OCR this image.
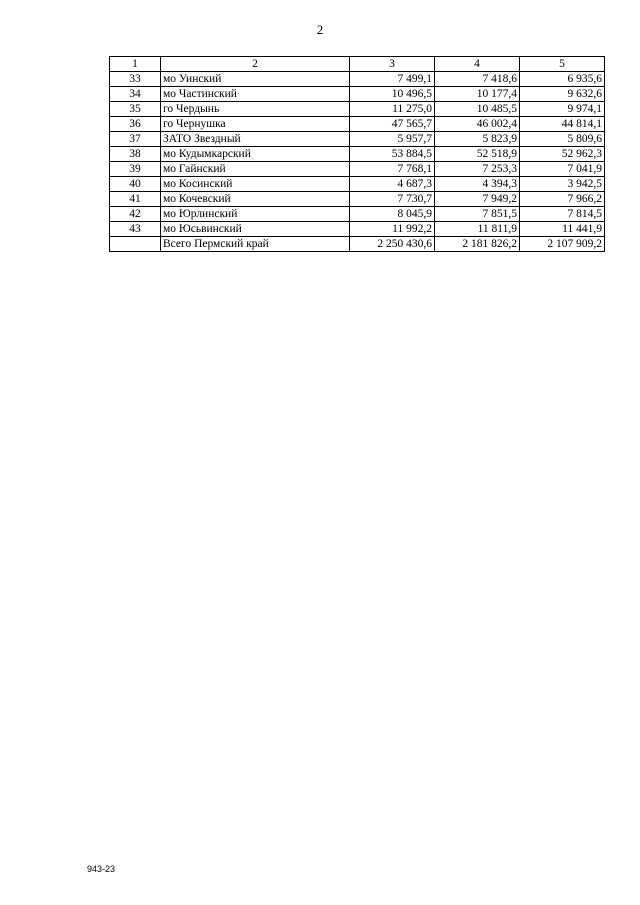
2
1	2	3	4	5
33	мо Уинский	7 499,1	7 418,6	6 935,6
34	мо Частинский	10 496,5	10 177,4	9 632,6
35	го Чердынь	11 275,0	10 485,5	9 974,1
36	го Чернушка	47 565,7	46 002,4	44 814,1
37	ЗАТО Звездный	5 957,7	5 823,9	5 809,6
38	мо Кудымкарский	53 884,5	52 518,9	52 962,3
39	мо Гайнский	7 768,1	7 253,3	7 041,9
40	мо Косинский	4 687,3	4 394,3	3 942,5
41	мо Кочевский	7 730,7	7 949,2	7 966,2
42	мо Юрлинский	8 045,9	7 851,5	7 814,5
43	мо Юсьвинский	11 992,2	11 811,9	11 441,9
	Всего Пермский край	2 250 430,6	2 181 826,2	2 107 909,2
943-23
